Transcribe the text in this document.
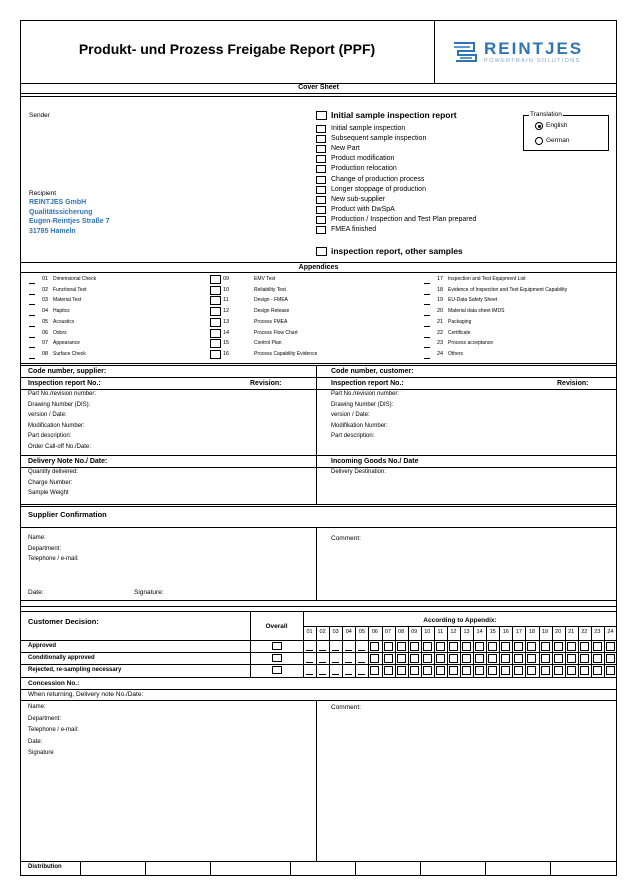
Produkt- und Prozess Freigabe Report (PPF)	REINTJES
POWERTRAIN SOLUTIONS
Cover Sheet
Sender
Recipient
REINTJES GmbH
Qualitätssicherung
Eugen-Reintjes Straße 7
31785 Hameln
Initial sample inspection report
Initial sample inspection
Subsequent sample inspection
New Part
Product modification
Production relocation
Change of production process
Longer stoppage of production
New sub-supplier
Product with DwSpA
Production / Inspection and Test Plan prepared
FMEA finished
inspection report, other samples
Translation
English
German
Appendices
01 Dimensional Check
02 Functional Test
03 Material Test
04 Haptics
05 Acoustics
06 Odors
07 Appearance
08 Surface Check
09	EMV Test
10	Reliability Test
11	Design - FMEA
12	Design Release
13	Process FMEA
14	Process Flow Chart
15	Control Plan
16	Process Capability Evidence
17 Inspection and Test Equipment List
18 Evidence of Inspection and Test Equipment Capability
19 EU-Data Safety Sheet
20 Material data sheet IMDS
21 Packaging
22 Certificate
23 Process acceptance
24 Others
Code number, supplier:	Code number, customer:
Inspection report No.:	Revision:	Inspection report No.:	Revision:
Part No./revision number:
Drawing Number (DIS):
version / Date:
Modification Number:
Part description:
Order Call-off No./Date:
Part No./revision number:
Drawing Number (DIS):
version / Date:
Modifikation Number:
Part description:
Delivery Note No./ Date:	Incoming Goods No./ Date
Quantity delivered:
Charge Number:
Sample Weight
Delivery Destination:
Supplier Confirmation
Name:
Department:
Telephone / e-mail:
Comment:
Date:	Signature:
Customer Decision:
Overall
According to Appendix:
01	02	03	04	05	06	07	08	09	10	11	12	13	14	15	16	17	18	19	20	21	22	23	24
Approved
Conditionally approved
Rejected, re-sampling necessary
Concession No.:
When returning, Delivery note No./Date:
Name:
Department:
Telephone / e-mail:
Date:
Signature
Comment:
Distribution
